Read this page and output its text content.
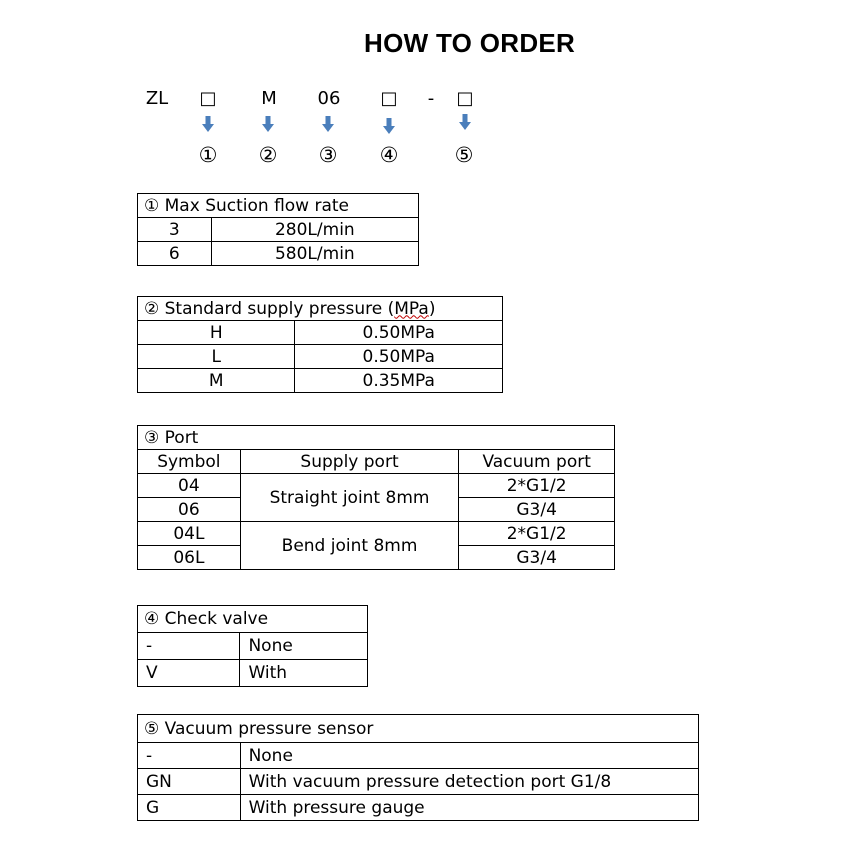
HOW TO ORDER
ZL	□	M	06	□	-	□
① ② ③ ④	⑤
① Max Suction flow rate	
3	280L/min
6	580L/min
② Standard supply pressure (MPa)	
H	0.50MPa
L	0.50MPa
M	0.35MPa
③ Port		
Symbol	Supply port	Vacuum port
04	Straight joint 8mm	2*G1/2
06		G3/4
04L	Bend joint 8mm	2*G1/2
06L		G3/4
④ Check valve	
-	None
V	With
⑤ Vacuum pressure sensor	
-	None
GN	With vacuum pressure detection port G1/8
G	With pressure gauge
